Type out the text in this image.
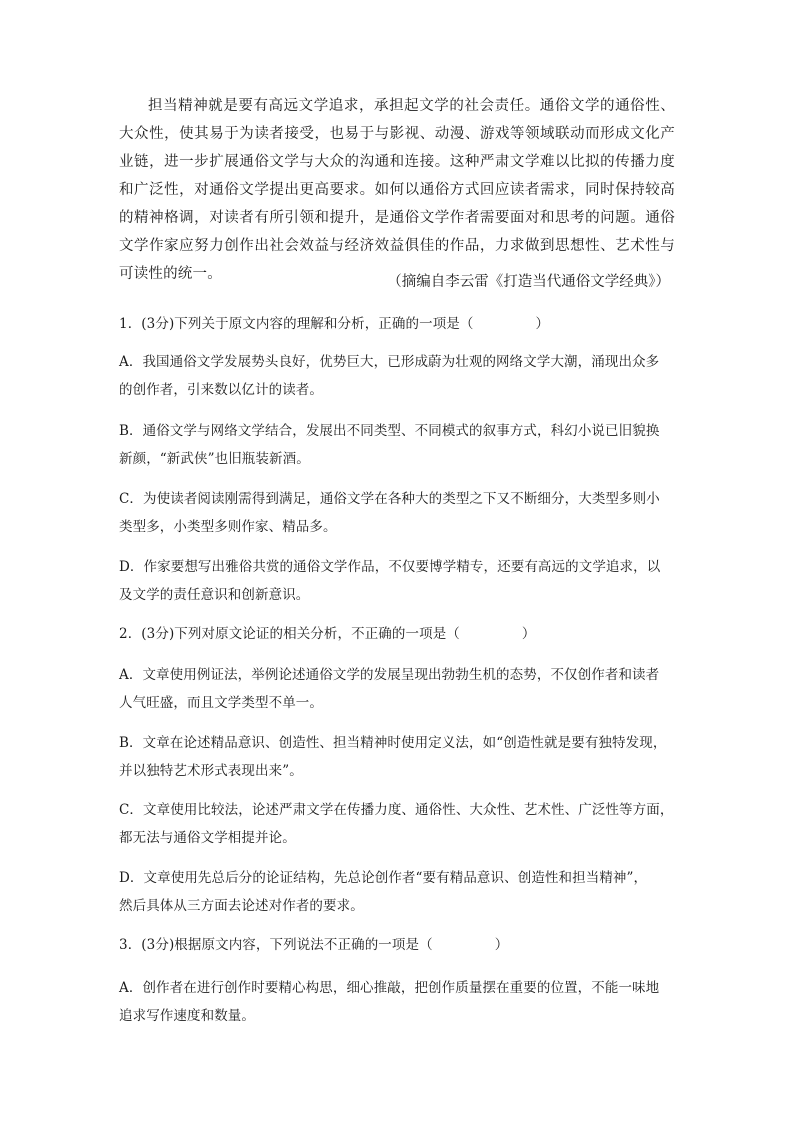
担当精神就是要有高远文学追求，承担起文学的社会责任。通俗文学的通俗性、大众性，使其易于为读者接受，也易于与影视、动漫、游戏等领域联动而形成文化产业链，进一步扩展通俗文学与大众的沟通和连接。这种严肃文学难以比拟的传播力度和广泛性，对通俗文学提出更高要求。如何以通俗方式回应读者需求，同时保持较高的精神格调，对读者有所引领和提升，是通俗文学作者需要面对和思考的问题。通俗文学作家应努力创作出社会效益与经济效益俱佳的作品，力求做到思想性、艺术性与可读性的统一。	（摘编自李云雷《打造当代通俗文学经典》）
1．(3分)下列关于原文内容的理解和分析，正确的一项是（	）
A．我国通俗文学发展势头良好，优势巨大，已形成蔚为壮观的网络文学大潮，涌现出众多
的创作者，引来数以亿计的读者。
B．通俗文学与网络文学结合，发展出不同类型、不同模式的叙事方式，科幻小说已旧貌换
新颜，“新武侠”也旧瓶装新酒。
C．为使读者阅读刚需得到满足，通俗文学在各种大的类型之下又不断细分，大类型多则小
类型多，小类型多则作家、精品多。
D．作家要想写出雅俗共赏的通俗文学作品，不仅要博学精专，还要有高远的文学追求，以
及文学的责任意识和创新意识。
2．(3分)下列对原文论证的相关分析，不正确的一项是（	）
A．文章使用例证法，举例论述通俗文学的发展呈现出勃勃生机的态势，不仅创作者和读者
人气旺盛，而且文学类型不单一。
B．文章在论述精品意识、创造性、担当精神时使用定义法，如“创造性就是要有独特发现，
并以独特艺术形式表现出来”。
C．文章使用比较法，论述严肃文学在传播力度、通俗性、大众性、艺术性、广泛性等方面，
都无法与通俗文学相提并论。
D．文章使用先总后分的论证结构，先总论创作者“要有精品意识、创造性和担当精神”，
然后具体从三方面去论述对作者的要求。
3．(3分)根据原文内容，下列说法不正确的一项是（	）
A．创作者在进行创作时要精心构思，细心推敲，把创作质量摆在重要的位置，不能一味地
追求写作速度和数量。
